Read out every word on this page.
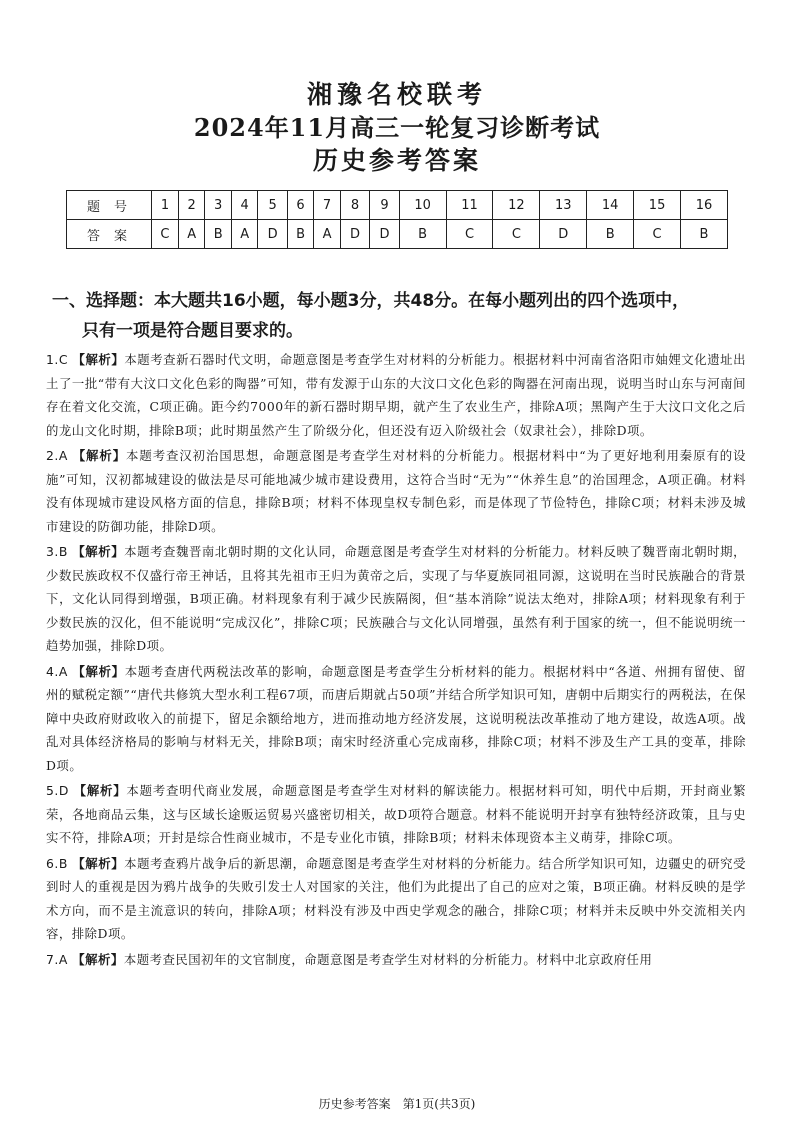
湘豫名校联考
2024年11月高三一轮复习诊断考试
历史参考答案
题号	1	2	3	4	5	6	7	8	9	10	11	12	13	14	15	16
答案	C	A	B	A	D	B	A	D	D	B	C	C	D	B	C	B
一、选择题：本大题共16小题，每小题3分，共48分。在每小题列出的四个选项中，
只有一项是符合题目要求的。
1.C 【解析】本题考查新石器时代文明，命题意图是考查学生对材料的分析能力。根据材料中河南省洛阳市妯娌文化遗址出土了一批“带有大汶口文化色彩的陶器”可知，带有发源于山东的大汶口文化色彩的陶器在河南出现，说明当时山东与河南间存在着文化交流，C项正确。距今约7000年的新石器时期早期，就产生了农业生产，排除A项；黑陶产生于大汶口文化之后的龙山文化时期，排除B项；此时期虽然产生了阶级分化，但还没有迈入阶级社会（奴隶社会），排除D项。
2.A 【解析】本题考查汉初治国思想，命题意图是考查学生对材料的分析能力。根据材料中“为了更好地利用秦原有的设施”可知，汉初都城建设的做法是尽可能地减少城市建设费用，这符合当时“无为”“休养生息”的治国理念，A项正确。材料没有体现城市建设风格方面的信息，排除B项；材料不体现皇权专制色彩，而是体现了节俭特色，排除C项；材料未涉及城市建设的防御功能，排除D项。
3.B 【解析】本题考查魏晋南北朝时期的文化认同，命题意图是考查学生对材料的分析能力。材料反映了魏晋南北朝时期，少数民族政权不仅盛行帝王神话，且将其先祖市王归为黄帝之后，实现了与华夏族同祖同源，这说明在当时民族融合的背景下，文化认同得到增强，B项正确。材料现象有利于减少民族隔阂，但“基本消除”说法太绝对，排除A项；材料现象有利于少数民族的汉化，但不能说明“完成汉化”，排除C项；民族融合与文化认同增强，虽然有利于国家的统一，但不能说明统一趋势加强，排除D项。
4.A 【解析】本题考查唐代两税法改革的影响，命题意图是考查学生分析材料的能力。根据材料中“各道、州拥有留使、留州的赋税定额”“唐代共修筑大型水利工程67项，而唐后期就占50项”并结合所学知识可知，唐朝中后期实行的两税法，在保障中央政府财政收入的前提下，留足余额给地方，进而推动地方经济发展，这说明税法改革推动了地方建设，故选A项。战乱对具体经济格局的影响与材料无关，排除B项；南宋时经济重心完成南移，排除C项；材料不涉及生产工具的变革，排除D项。
5.D 【解析】本题考查明代商业发展，命题意图是考查学生对材料的解读能力。根据材料可知，明代中后期，开封商业繁荣，各地商品云集，这与区域长途贩运贸易兴盛密切相关，故D项符合题意。材料不能说明开封享有独特经济政策，且与史实不符，排除A项；开封是综合性商业城市，不是专业化市镇，排除B项；材料未体现资本主义萌芽，排除C项。
6.B 【解析】本题考查鸦片战争后的新思潮，命题意图是考查学生对材料的分析能力。结合所学知识可知，边疆史的研究受到时人的重视是因为鸦片战争的失败引发士人对国家的关注，他们为此提出了自己的应对之策，B项正确。材料反映的是学术方向，而不是主流意识的转向，排除A项；材料没有涉及中西史学观念的融合，排除C项；材料并未反映中外交流相关内容，排除D项。
7.A 【解析】本题考查民国初年的文官制度，命题意图是考查学生对材料的分析能力。材料中北京政府任用
历史参考答案　第1页(共3页)
